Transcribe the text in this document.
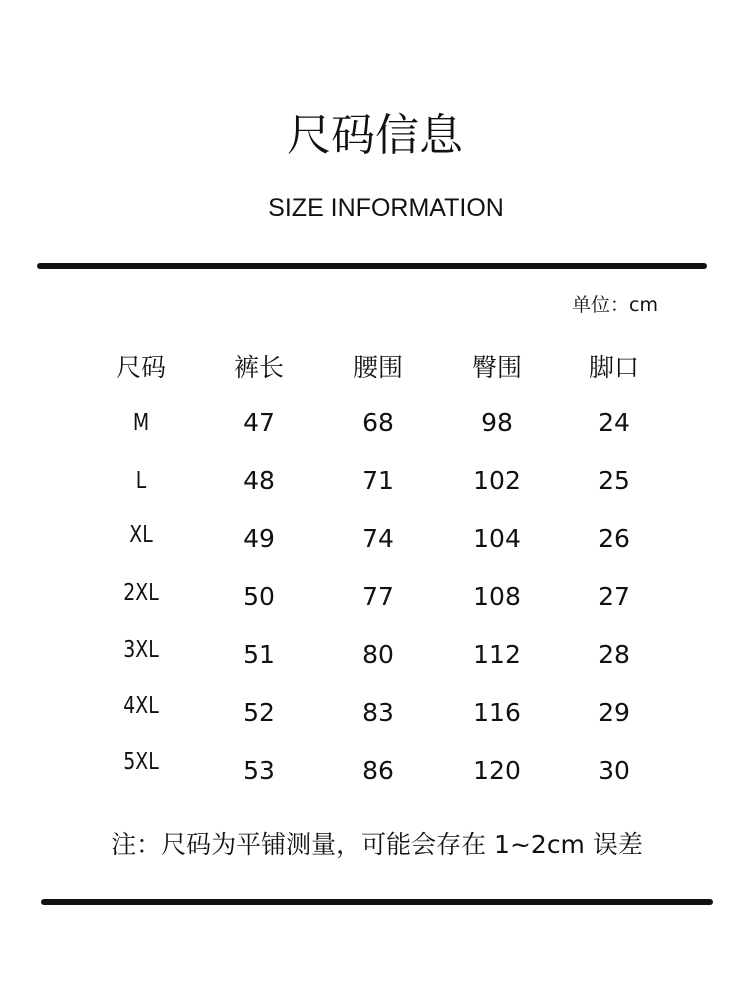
尺码信息
SIZE INFORMATION
单位：cm
尺码	裤长	腰围	臀围	脚口
M	47	68	98	24
L	48	71	102	25
XL	49	74	104	26
2XL	50	77	108	27
3XL	51	80	112	28
4XL	52	83	116	29
5XL	53	86	120	30
注：尺码为平铺测量，可能会存在 1~2cm 误差
